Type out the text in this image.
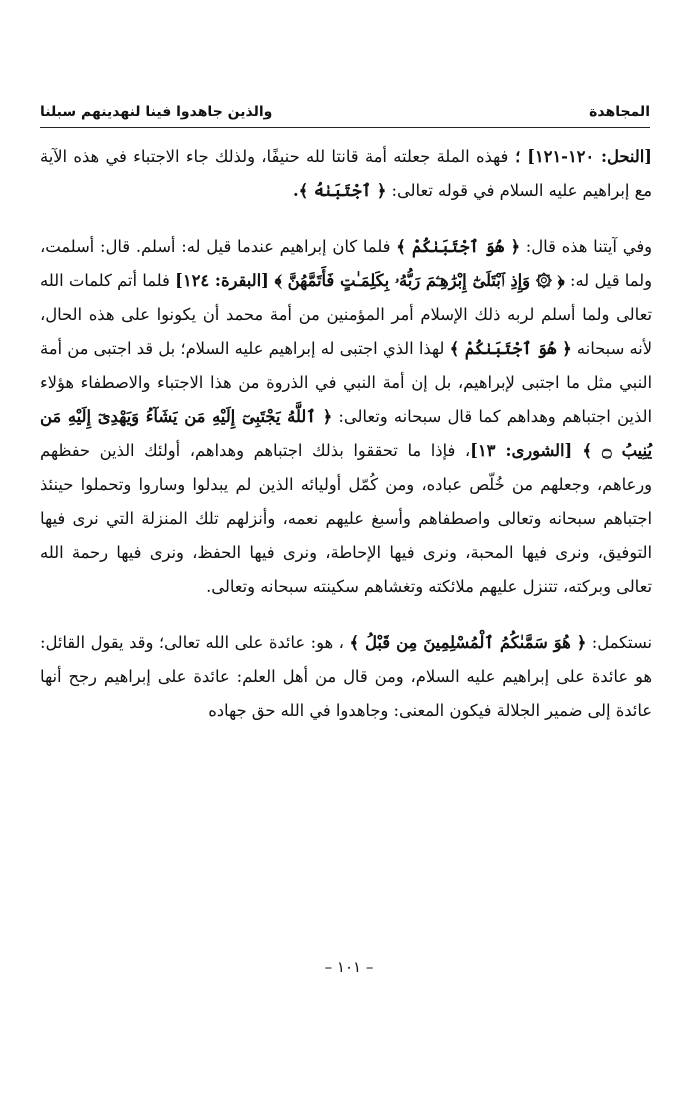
المجاهدة
والذين جاهدوا فينا لنهدينهم سبلنا

[النحل: ١٢٠-١٢١] ؛ فهذه الملة جعلته أمة قانتا لله حنيفًا، ولذلك جاء الاجتباء في هذه الآية مع إبراهيم عليه السلام في قوله تعالى: ﴿ ٱجْتَبَىٰهُ ﴾.

وفي آيتنا هذه قال: ﴿ هُوَ ٱجْتَبَىٰكُمْ ﴾ فلما كان إبراهيم عندما قيل له: أسلم. قال: أسلمت، ولما قيل له: ﴿ ۞ وَإِذِ ٱبْتَلَىٰٓ إِبْرَٰهِـۧمَ رَبُّهُۥ بِكَلِمَـٰتٍ فَأَتَمَّهُنَّ ﴾ [البقرة: ١٢٤] فلما أتم كلمات الله تعالى ولما أسلم لربه ذلك الإسلام أمر المؤمنين من أمة محمد أن يكونوا على هذه الحال، لأنه سبحانه ﴿ هُوَ ٱجْتَبَىٰكُمْ ﴾ لهذا الذي اجتبى له إبراهيم عليه السلام؛ بل قد اجتبى من أمة النبي مثل ما اجتبى لإبراهيم، بل إن أمة النبي في الذروة من هذا الاجتباء والاصطفاء هؤلاء الذين اجتباهم وهداهم كما قال سبحانه وتعالى: ﴿ ٱللَّهُ يَجْتَبِىٓ إِلَيْهِ مَن يَشَآءُ وَيَهْدِىٓ إِلَيْهِ مَن يُنِيبُ ۝ ﴾ [الشورى: ١٣]، فإذا ما تحققوا بذلك اجتباهم وهداهم، أولئك الذين حفظهم ورعاهم، وجعلهم من خُلّص عباده، ومن كُمّل أوليائه الذين لم يبدلوا وساروا وتحملوا حينئذ اجتباهم سبحانه وتعالى واصطفاهم وأسبغ عليهم نعمه، وأنزلهم تلك المنزلة التي نرى فيها التوفيق، ونرى فيها المحبة، ونرى فيها الإحاطة، ونرى فيها الحفظ، ونرى فيها رحمة الله تعالى وبركته، تتنزل عليهم ملائكته وتغشاهم سكينته سبحانه وتعالى.

نستكمل: ﴿ هُوَ سَمَّىٰكُمُ ٱلْمُسْلِمِينَ مِن قَبْلُ ﴾ ، هو: عائدة على الله تعالى؛ وقد يقول القائل: هو عائدة على إبراهيم عليه السلام، ومن قال من أهل العلم: عائدة على إبراهيم رجح أنها عائدة إلى ضمير الجلالة فيكون المعنى: وجاهدوا في الله حق جهاده

– ١٠١ –
